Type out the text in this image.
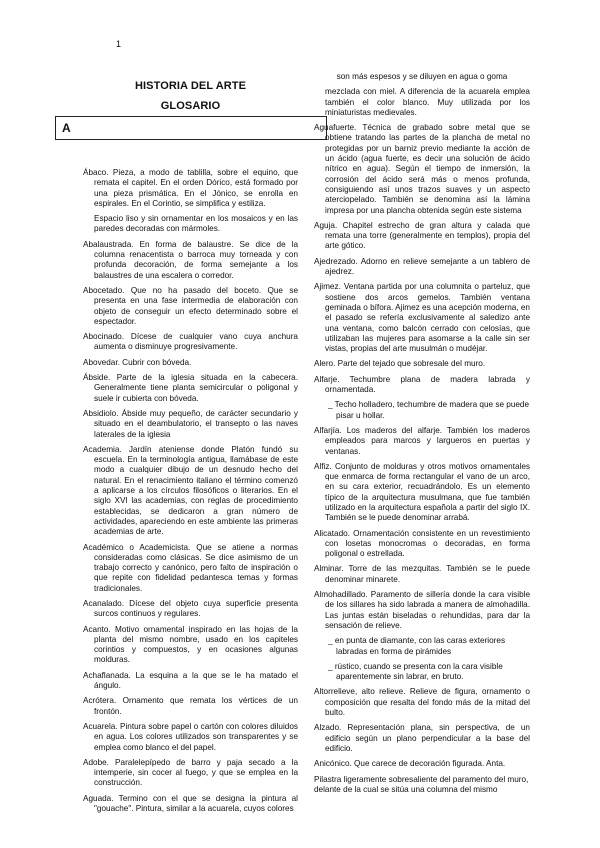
1
HISTORIA DEL ARTE
GLOSARIO
A

Ábaco. Pieza, a modo de tablilla, sobre el equino, que remata el capitel. En el orden Dórico, está formado por una pieza prismática. En el Jónico, se enrolla en espirales. En el Corintio, se simplifica y estiliza.

Espacio liso y sin ornamentar en los mosaicos y en las paredes decoradas con mármoles.

Abalaustrada. En forma de balaustre. Se dice de la columna renacentista o barroca muy torneada y con profunda decoración, de forma semejante a los balaustres de una escalera o corredor.

Abocetado. Que no ha pasado del boceto. Que se presenta en una fase intermedia de elaboración con objeto de conseguir un efecto determinado sobre el espectador.

Abocinado. Dícese de cualquier vano cuya anchura aumenta o disminuye progresivamente.

Abovedar. Cubrir con bóveda.

Ábside. Parte de la iglesia situada en la cabecera. Generalmente tiene planta semicircular o poligonal y suele ir cubierta con bóveda.

Absidiolo. Ábside muy pequeño, de carácter secundario y situado en el deambulatorio, el transepto o las naves laterales de la iglesia

Academia. Jardín ateniense donde Platón fundó su escuela. En la terminología antigua, llamábase de este modo a cualquier dibujo de un desnudo hecho del natural. En el renacimiento italiano el término comenzó a aplicarse a los círculos filosóficos o literarios. En el siglo XVI las academias, con reglas de procedimiento establecidas, se dedicaron a gran número de actividades, apareciendo en este ambiente las primeras academias de arte.

Académico o Academicista. Que se atiene a normas consideradas como clásicas. Se dice asimismo de un trabajo correcto y canónico, pero falto de inspiración o que repite con fidelidad pedantesca temas y formas tradicionales.

Acanalado. Dícese del objeto cuya superficie presenta surcos continuos y regulares.

Acanto. Motivo ornamental inspirado en las hojas de la planta del mismo nombre, usado en los capiteles corintios y compuestos, y en ocasiones algunas molduras.

Achaflanada. La esquina a la que se le ha matado el ángulo.

Acrótera. Ornamento que remata los vértices de un frontón.

Acuarela. Pintura sobre papel o cartón con colores diluidos en agua. Los colores utilizados son transparentes y se emplea como blanco el del papel.

Adobe. Paralelepípedo de barro y paja secado a la intemperie, sin cocer al fuego, y que se emplea en la construcción.

Aguada. Termino con el que se designa la pintura al "gouache". Pintura, similar a la acuarela, cuyos colores

son más espesos y se diluyen en agua o goma

mezclada con miel. A diferencia de la acuarela emplea también el color blanco. Muy utilizada por los miniaturistas medievales.

Aguafuerte. Técnica de grabado sobre metal que se obtiene tratando las partes de la plancha de metal no protegidas por un barniz previo mediante la acción de un ácido (agua fuerte, es decir una solución de ácido nítrico en agua). Según el tiempo de inmersión, la corrosión del ácido será más o menos profunda, consiguiendo así unos trazos suaves y un aspecto aterciopelado. También se denomina así la lámina impresa por una plancha obtenida según este sistema

Aguja. Chapitel estrecho de gran altura y calada que remata una torre (generalmente en templos), propia del arte gótico.

Ajedrezado. Adorno en relieve semejante a un tablero de ajedrez.

Ajimez. Ventana partida por una columnita o parteluz, que sostiene dos arcos gemelos. También ventana geminada o bífora. Ajimez es una acepción moderna, en el pasado se refería exclusivamente al saledizo ante una ventana, como balcón cerrado con celosías, que utilizaban las mujeres para asomarse a la calle sin ser vistas, propias del arte musulmán o mudéjar.

Alero. Parte del tejado que sobresale del muro.

Alfarje. Techumbre plana de madera labrada y ornamentada.

_ Techo holladero, techumbre de madera que se puede pisar u hollar.

Alfarjía. Los maderos del alfarje. También los maderos empleados para marcos y largueros en puertas y ventanas.

Alfiz. Conjunto de molduras y otros motivos ornamentales que enmarca de forma rectangular el vano de un arco, en su cara exterior, recuadrándolo. Es un elemento típico de la arquitectura musulmana, que fue también utilizado en la arquitectura española a partir del siglo IX. También se le puede denominar arrabá.

Alicatado. Ornamentación consistente en un revestimiento con losetas monocromas o decoradas, en forma poligonal o estrellada.

Alminar. Torre de las mezquitas. También se le puede denominar minarete.

Almohadillado. Paramento de sillería donde la cara visible de los sillares ha sido labrada a manera de almohadilla. Las juntas están biseladas o rehundidas, para dar la sensación de relieve.

_ en punta de diamante, con las caras exteriores labradas en forma de pirámides

_ rústico, cuando se presenta con la cara visible aparentemente sin labrar, en bruto.

Altorrelieve, alto relieve. Relieve de figura, ornamento o composición que resalta del fondo más de la mitad del bulto.

Alzado. Representación plana, sin perspectiva, de un edificio según un plano perpendicular a la base del edificio.

Anicónico. Que carece de decoración figurada. Anta.

Pilastra ligeramente sobresaliente del paramento del muro, delante de la cual se sitúa una columna del mismo
